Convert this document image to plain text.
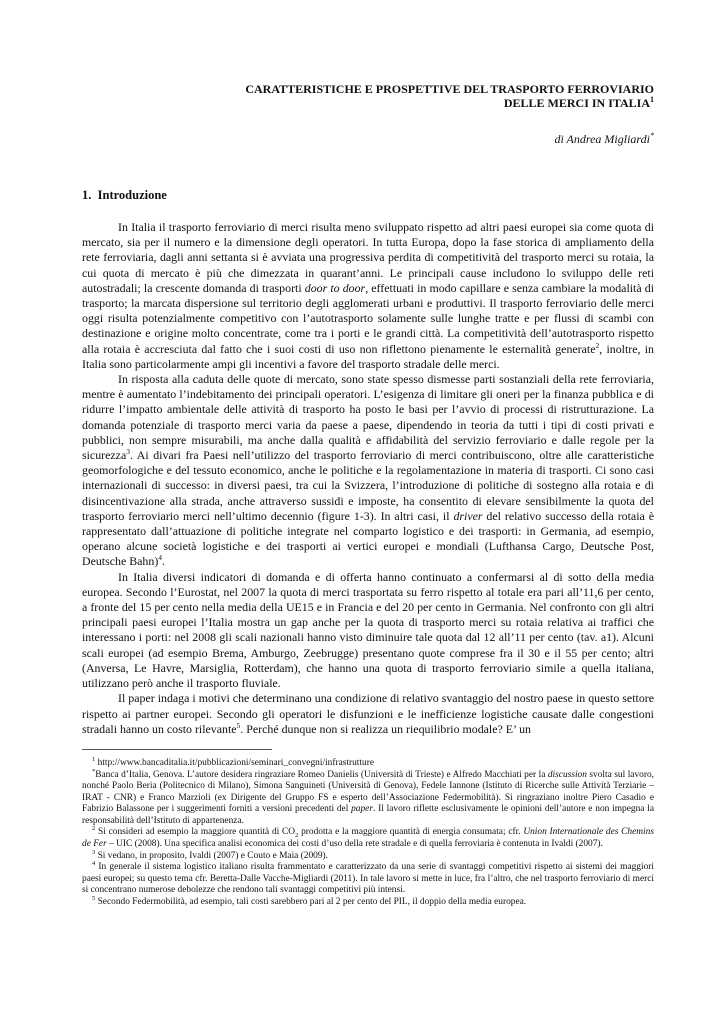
CARATTERISTICHE E PROSPETTIVE DEL TRASPORTO FERROVIARIO
DELLE MERCI IN ITALIA$^1$
di Andrea Migliardi*
1. Introduzione

In Italia il trasporto ferroviario di merci risulta meno sviluppato rispetto ad altri paesi europei sia come quota di mercato, sia per il numero e la dimensione degli operatori. In tutta Europa, dopo la fase storica di ampliamento della rete ferroviaria, dagli anni settanta si è avviata una progressiva perdita di competitività del trasporto merci su rotaia, la cui quota di mercato è più che dimezzata in quarant’anni. Le principali cause includono lo sviluppo delle reti autostradali; la crescente domanda di trasporti door to door, effettuati in modo capillare e senza cambiare la modalità di trasporto; la marcata dispersione sul territorio degli agglomerati urbani e produttivi. Il trasporto ferroviario delle merci oggi risulta potenzialmente competitivo con l’autotrasporto solamente sulle lunghe tratte e per flussi di scambi con destinazione e origine molto concentrate, come tra i porti e le grandi città. La competitività dell’autotrasporto rispetto alla rotaia è accresciuta dal fatto che i suoi costi di uso non riflettono pienamente le esternalità generate$^2$, inoltre, in Italia sono particolarmente ampi gli incentivi a favore del trasporto stradale delle merci.

In risposta alla caduta delle quote di mercato, sono state spesso dismesse parti sostanziali della rete ferroviaria, mentre è aumentato l’indebitamento dei principali operatori. L’esigenza di limitare gli oneri per la finanza pubblica e di ridurre l’impatto ambientale delle attività di trasporto ha posto le basi per l’avvio di processi di ristrutturazione. La domanda potenziale di trasporto merci varia da paese a paese, dipendendo in teoria da tutti i tipi di costi privati e pubblici, non sempre misurabili, ma anche dalla qualità e affidabilità del servizio ferroviario e dalle regole per la sicurezza$^3$. Ai divari fra Paesi nell’utilizzo del trasporto ferroviario di merci contribuiscono, oltre alle caratteristiche geomorfologiche e del tessuto economico, anche le politiche e la regolamentazione in materia di trasporti. Ci sono casi internazionali di successo: in diversi paesi, tra cui la Svizzera, l’introduzione di politiche di sostegno alla rotaia e di disincentivazione alla strada, anche attraverso sussidi e imposte, ha consentito di elevare sensibilmente la quota del trasporto ferroviario merci nell’ultimo decennio (figure 1-3). In altri casi, il driver del relativo successo della rotaia è rappresentato dall’attuazione di politiche integrate nel comparto logistico e dei trasporti: in Germania, ad esempio, operano alcune società logistiche e dei trasporti ai vertici europei e mondiali (Lufthansa Cargo, Deutsche Post, Deutsche Bahn)$^4$.

In Italia diversi indicatori di domanda e di offerta hanno continuato a confermarsi al di sotto della media europea. Secondo l’Eurostat, nel 2007 la quota di merci trasportata su ferro rispetto al totale era pari all’11,6 per cento, a fronte del 15 per cento nella media della UE15 e in Francia e del 20 per cento in Germania. Nel confronto con gli altri principali paesi europei l’Italia mostra un gap anche per la quota di trasporto merci su rotaia relativa ai traffici che interessano i porti: nel 2008 gli scali nazionali hanno visto diminuire tale quota dal 12 all’11 per cento (tav. a1). Alcuni scali europei (ad esempio Brema, Amburgo, Zeebrugge) presentano quote comprese fra il 30 e il 55 per cento; altri (Anversa, Le Havre, Marsiglia, Rotterdam), che hanno una quota di trasporto ferroviario simile a quella italiana, utilizzano però anche il trasporto fluviale.

Il paper indaga i motivi che determinano una condizione di relativo svantaggio del nostro paese in questo settore rispetto ai partner europei. Secondo gli operatori le disfunzioni e le inefficienze logistiche causate dalle congestioni stradali hanno un costo rilevante$^5$. Perché dunque non si realizza un riequilibrio modale? E’ un

$^1$ http://www.bancaditalia.it/pubblicazioni/seminari_convegni/infrastrutture

*Banca d’Italia, Genova. L’autore desidera ringraziare Romeo Danielis (Università di Trieste) e Alfredo Macchiati per la discussion svolta sul lavoro, nonché Paolo Beria (Politecnico di Milano), Simona Sanguineti (Università di Genova), Fedele Iannone (Istituto di Ricerche sulle Attività Terziarie – IRAT - CNR) e Franco Marzioli (ex Dirigente del Gruppo FS e esperto dell’Associazione Federmobilità). Si ringraziano inoltre Piero Casadio e Fabrizio Balassone per i suggerimenti forniti a versioni precedenti del paper. Il lavoro riflette esclusivamente le opinioni dell’autore e non impegna la responsabilità dell’Istituto di appartenenza.

$^2$ Si consideri ad esempio la maggiore quantità di $CO_2$ prodotta e la maggiore quantità di energia consumata; cfr. Union Internationale des Chemins de Fer – UIC (2008). Una specifica analisi economica dei costi d’uso della rete stradale e di quella ferroviaria è contenuta in Ivaldi (2007).

$^3$ Si vedano, in proposito, Ivaldi (2007) e Couto e Maia (2009).

$^4$ In generale il sistema logistico italiano risulta frammentato e caratterizzato da una serie di svantaggi competitivi rispetto ai sistemi dei maggiori paesi europei; su questo tema cfr. Beretta-Dalle Vacche-Migliardi (2011). In tale lavoro si mette in luce, fra l’altro, che nel trasporto ferroviario di merci si concentrano numerose debolezze che rendono tali svantaggi competitivi più intensi.

$^5$ Secondo Federmobilità, ad esempio, tali costi sarebbero pari al 2 per cento del PIL, il doppio della media europea.
